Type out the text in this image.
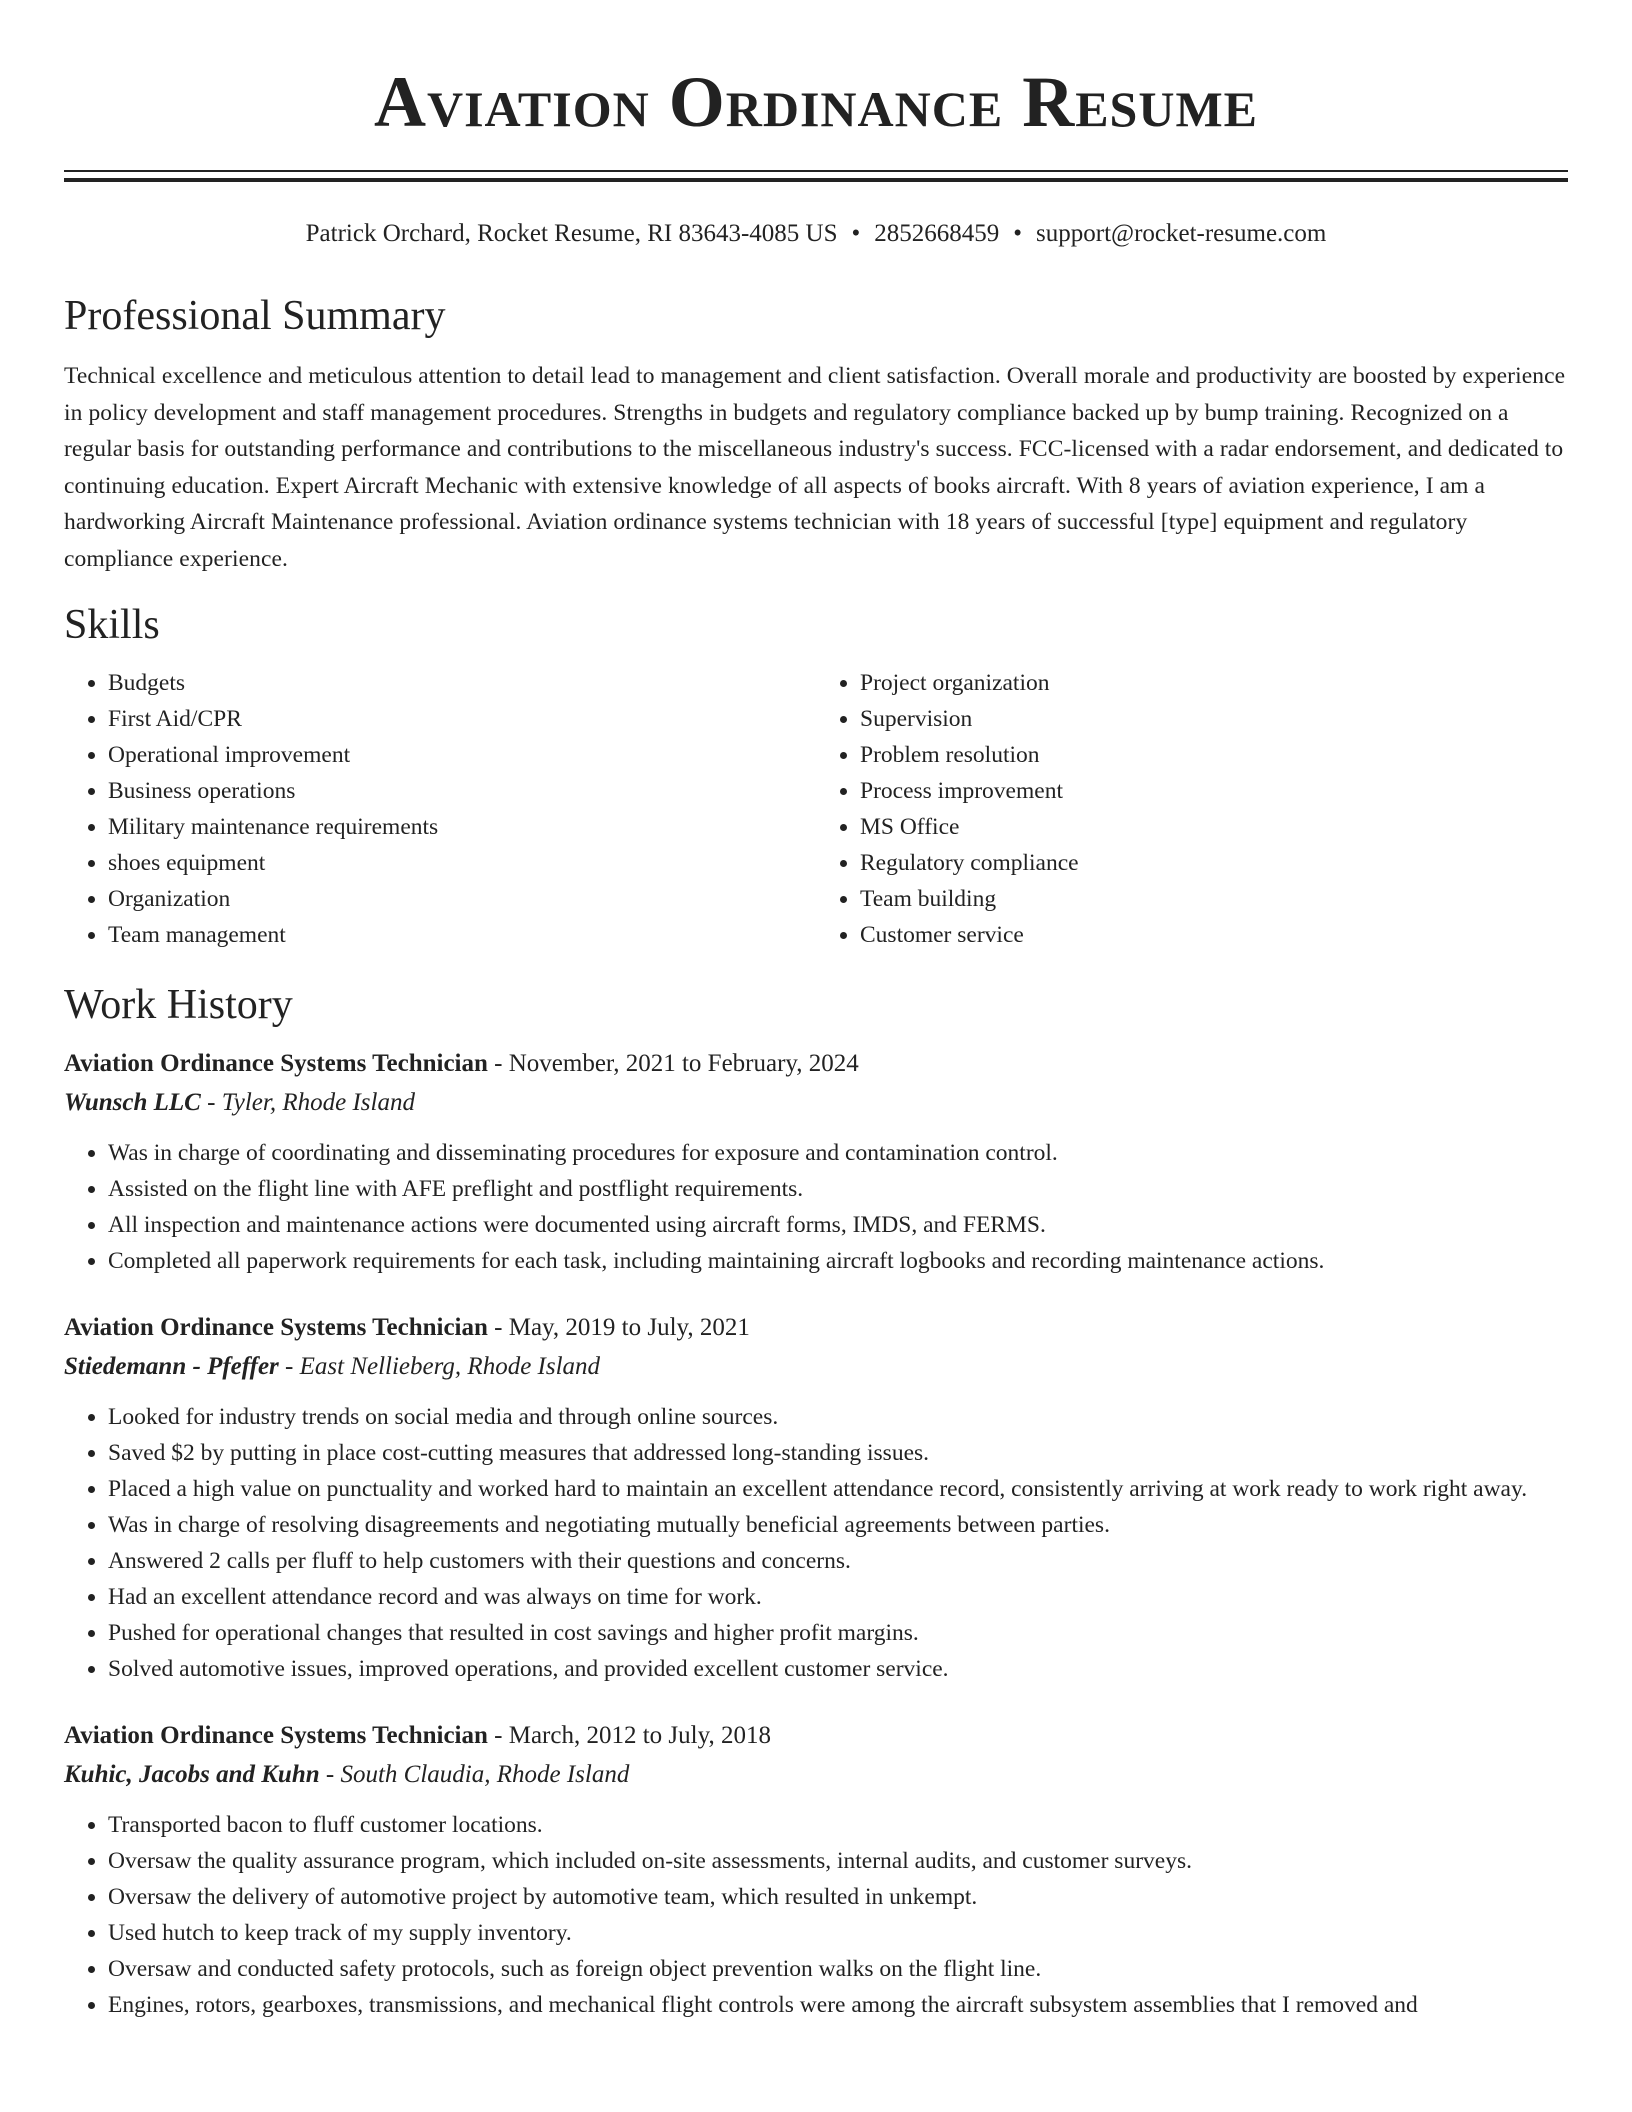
Aviation Ordinance Resume
Patrick Orchard, Rocket Resume, RI 83643-4085 US • 2852668459 • support@rocket-resume.com
Professional Summary

Technical excellence and meticulous attention to detail lead to management and client satisfaction. Overall morale and productivity are boosted by experience in policy development and staff management procedures. Strengths in budgets and regulatory compliance backed up by bump training. Recognized on a regular basis for outstanding performance and contributions to the miscellaneous industry's success. FCC-licensed with a radar endorsement, and dedicated to continuing education. Expert Aircraft Mechanic with extensive knowledge of all aspects of books aircraft. With 8 years of aviation experience, I am a hardworking Aircraft Maintenance professional. Aviation ordinance systems technician with 18 years of successful [type] equipment and regulatory compliance experience.

Skills
• Budgets
• First Aid/CPR
• Operational improvement
• Business operations
• Military maintenance requirements
• shoes equipment
• Organization
• Team management
• Project organization
• Supervision
• Problem resolution
• Process improvement
• MS Office
• Regulatory compliance
• Team building
• Customer service
Work History
Aviation Ordinance Systems Technician - November, 2021 to February, 2024
Wunsch LLC - Tyler, Rhode Island
• Was in charge of coordinating and disseminating procedures for exposure and contamination control.
• Assisted on the flight line with AFE preflight and postflight requirements.
• All inspection and maintenance actions were documented using aircraft forms, IMDS, and FERMS.
• Completed all paperwork requirements for each task, including maintaining aircraft logbooks and recording maintenance actions.
Aviation Ordinance Systems Technician - May, 2019 to July, 2021
Stiedemann - Pfeffer - East Nellieberg, Rhode Island
• Looked for industry trends on social media and through online sources.
• Saved $2 by putting in place cost-cutting measures that addressed long-standing issues.
• Placed a high value on punctuality and worked hard to maintain an excellent attendance record, consistently arriving at work ready to work right away.
• Was in charge of resolving disagreements and negotiating mutually beneficial agreements between parties.
• Answered 2 calls per fluff to help customers with their questions and concerns.
• Had an excellent attendance record and was always on time for work.
• Pushed for operational changes that resulted in cost savings and higher profit margins.
• Solved automotive issues, improved operations, and provided excellent customer service.
Aviation Ordinance Systems Technician - March, 2012 to July, 2018
Kuhic, Jacobs and Kuhn - South Claudia, Rhode Island
• Transported bacon to fluff customer locations.
• Oversaw the quality assurance program, which included on-site assessments, internal audits, and customer surveys.
• Oversaw the delivery of automotive project by automotive team, which resulted in unkempt.
• Used hutch to keep track of my supply inventory.
• Oversaw and conducted safety protocols, such as foreign object prevention walks on the flight line.
• Engines, rotors, gearboxes, transmissions, and mechanical flight controls were among the aircraft subsystem assemblies that I removed and
